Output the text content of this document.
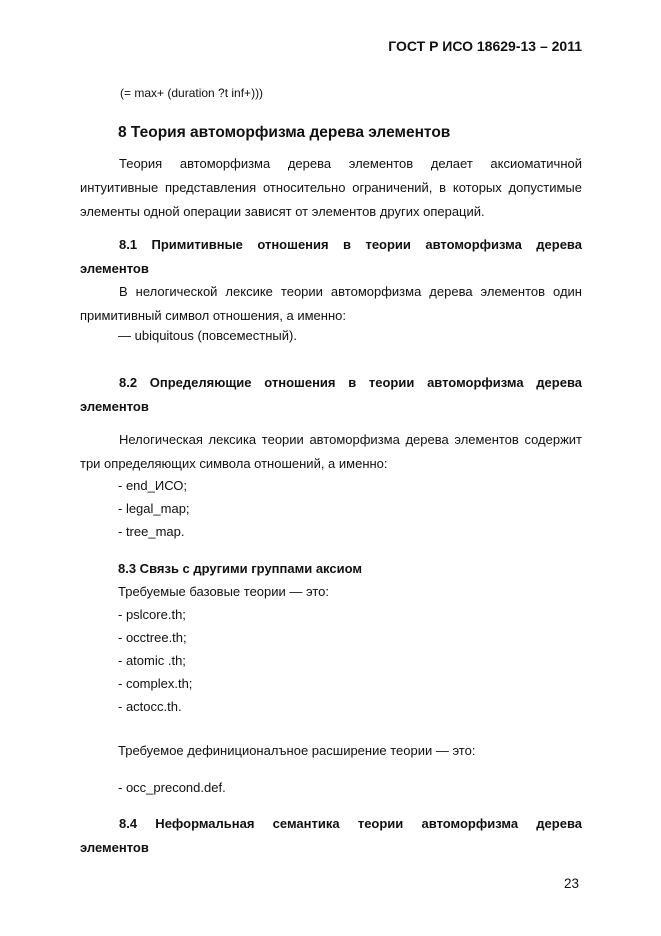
ГОСТ Р ИСО 18629-13 – 2011
(= max+ (duration ?t inf+)))
8 Теория автоморфизма дерева элементов
Теория автоморфизма дерева элементов делает аксиоматичной
интуитивные представления относительно ограничений, в которых допустимые
элементы одной операции зависят от элементов других операций.
8.1 Примитивные отношения в теории автоморфизма дерева
элементов
В нелогической лексике теории автоморфизма дерева элементов один
примитивный символ отношения, а именно:
— ubiquitous (повсеместный).
8.2 Определяющие отношения в теории автоморфизма дерева
элементов
Нелогическая лексика теории автоморфизма дерева элементов содержит
три определяющих символа отношений, а именно:
- end_ИСО;
- legal_map;
- tree_map.
8.3 Связь с другими группами аксиом
Требуемые базовые теории — это:
- pslcore.th;
- occtree.th;
- atomic .th;
- complex.th;
- actocc.th.
Требуемое дефиниционалъное расширение теории — это:
- occ_precond.def.
8.4 Неформальная семантика теории автоморфизма дерева
элементов
23
